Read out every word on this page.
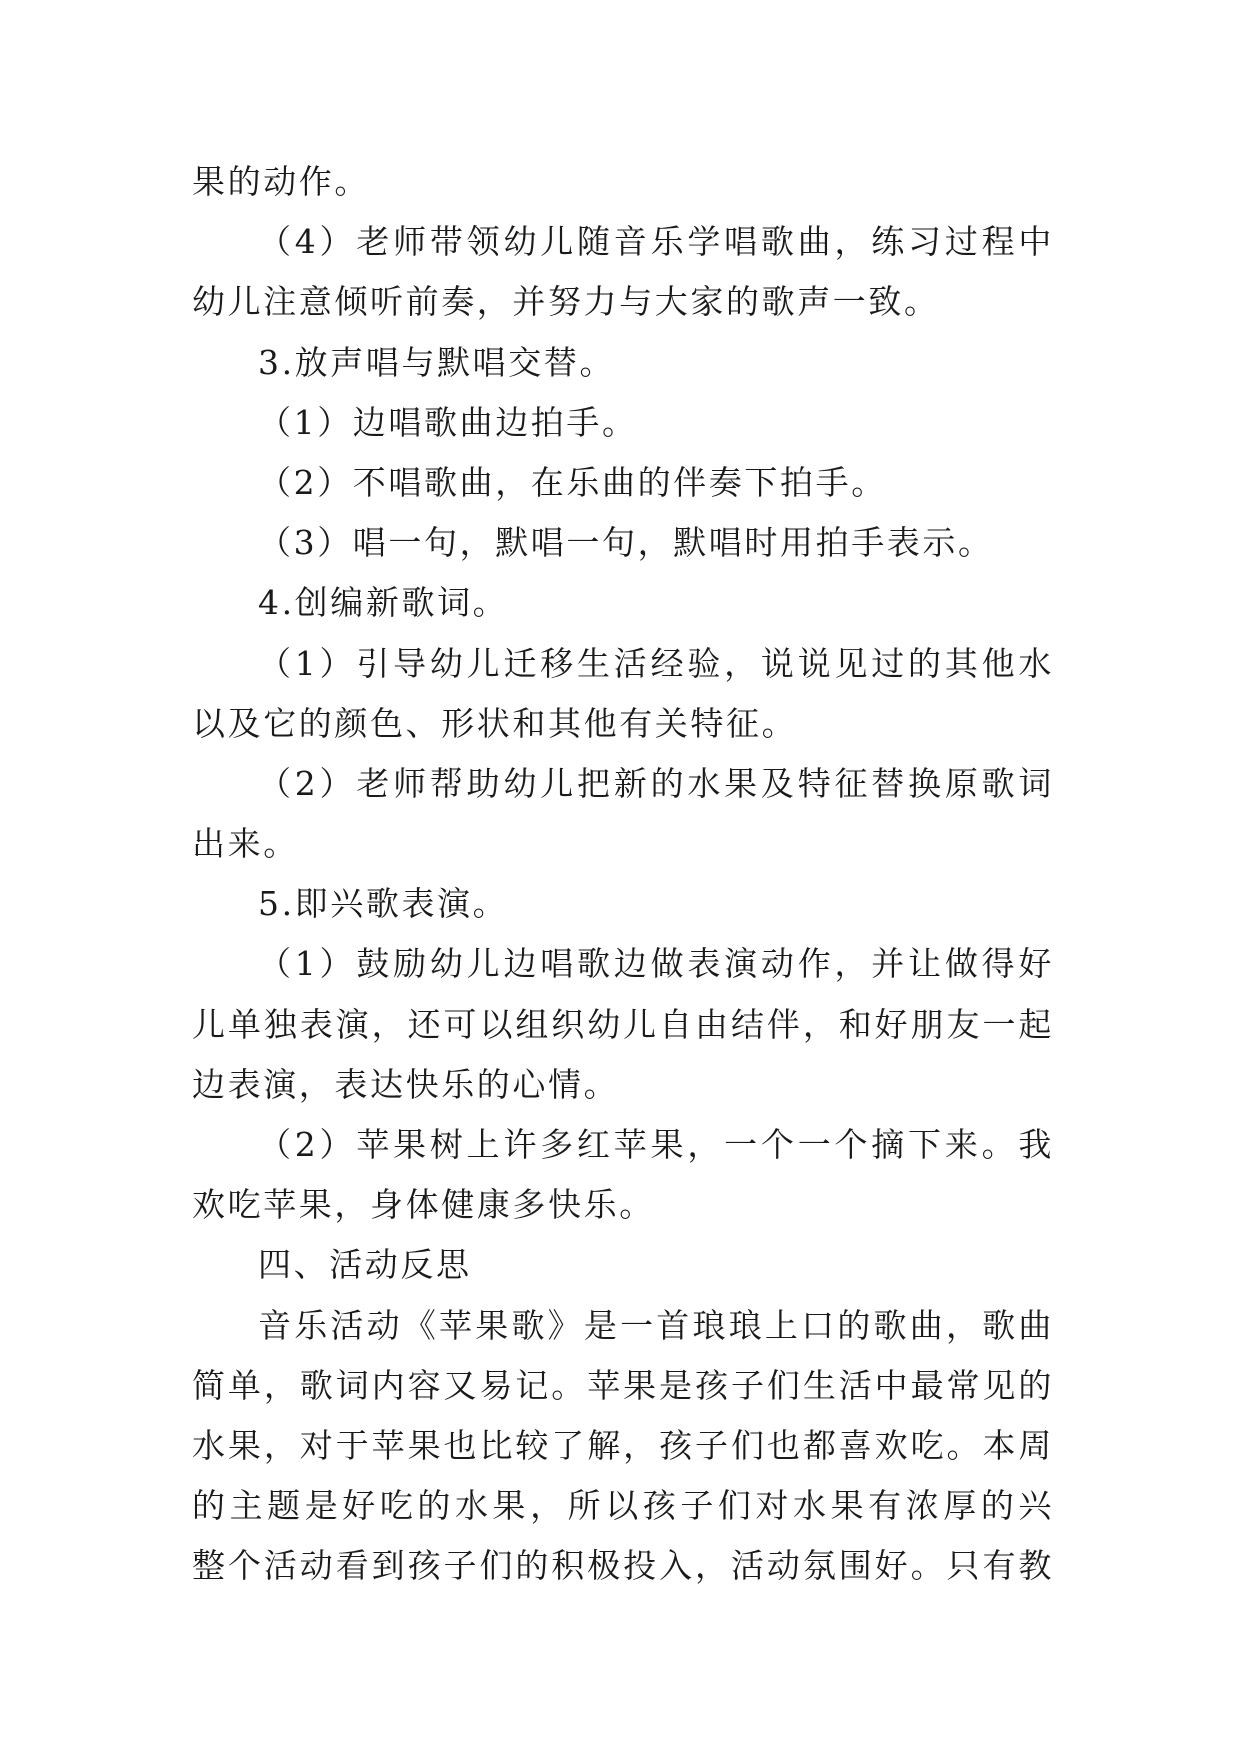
果的动作。
（4）老师带领幼儿随音乐学唱歌曲，练习过程中
幼儿注意倾听前奏，并努力与大家的歌声一致。
3.放声唱与默唱交替。
（1）边唱歌曲边拍手。
（2）不唱歌曲，在乐曲的伴奏下拍手。
（3）唱一句，默唱一句，默唱时用拍手表示。
4.创编新歌词。
（1）引导幼儿迁移生活经验，说说见过的其他水
以及它的颜色、形状和其他有关特征。
（2）老师帮助幼儿把新的水果及特征替换原歌词
出来。
5.即兴歌表演。
（1）鼓励幼儿边唱歌边做表演动作，并让做得好
儿单独表演，还可以组织幼儿自由结伴，和好朋友一起
边表演，表达快乐的心情。
（2）苹果树上许多红苹果，一个一个摘下来。我
欢吃苹果，身体健康多快乐。
四、活动反思
音乐活动《苹果歌》是一首琅琅上口的歌曲，歌曲
简单，歌词内容又易记。苹果是孩子们生活中最常见的
水果，对于苹果也比较了解，孩子们也都喜欢吃。本周
的主题是好吃的水果，所以孩子们对水果有浓厚的兴
整个活动看到孩子们的积极投入，活动氛围好。只有教
